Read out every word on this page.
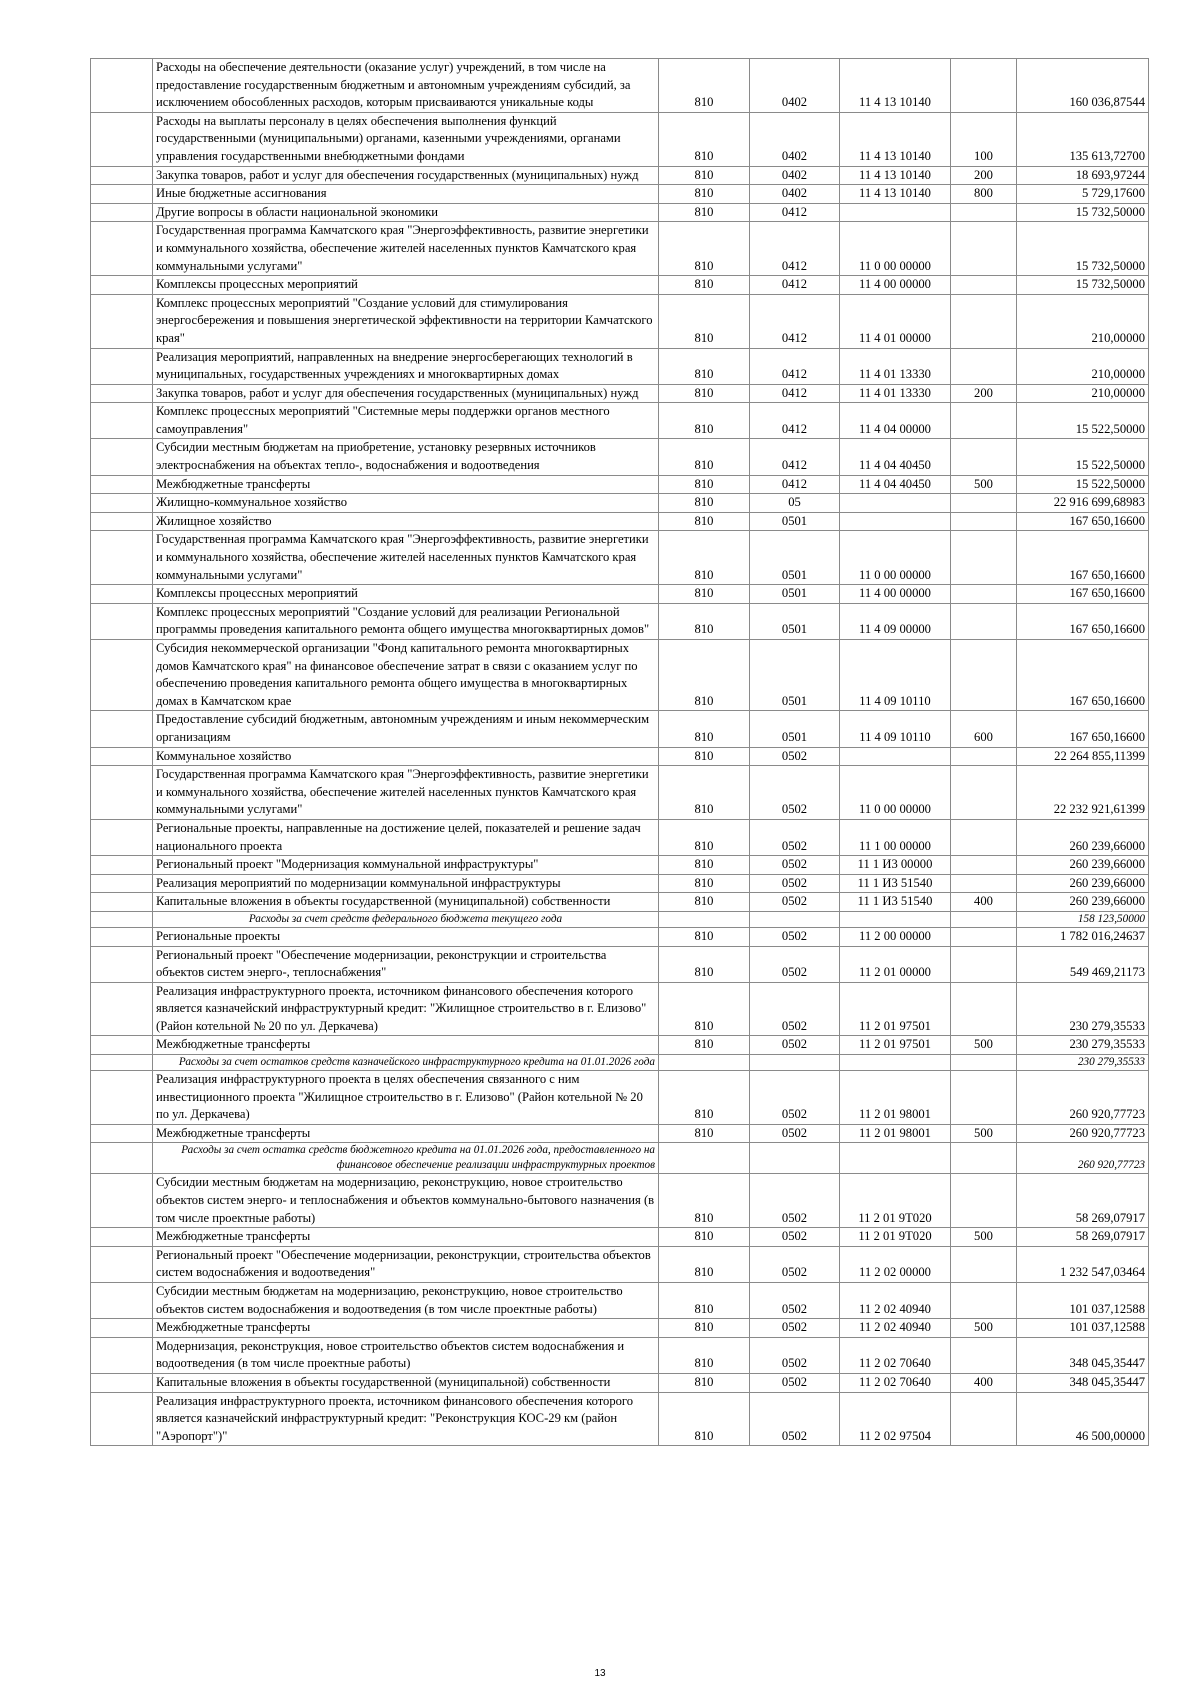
	Расходы на обеспечение деятельности (оказание услуг) учреждений, в том числе на предоставление государственным бюджетным и автономным учреждениям субсидий, за исключением обособленных расходов, которым присваиваются уникальные коды	810	0402	11 4 13 10140		160 036,87544
	Расходы на выплаты персоналу в целях обеспечения выполнения функций государственными (муниципальными) органами, казенными учреждениями, органами управления государственными внебюджетными фондами	810	0402	11 4 13 10140	100	135 613,72700
	Закупка товаров, работ и услуг для обеспечения государственных (муниципальных) нужд	810	0402	11 4 13 10140	200	18 693,97244
	Иные бюджетные ассигнования	810	0402	11 4 13 10140	800	5 729,17600
	Другие вопросы в области национальной экономики	810	0412			15 732,50000
	Государственная программа Камчатского края "Энергоэффективность, развитие энергетики и коммунального хозяйства, обеспечение жителей населенных пунктов Камчатского края коммунальными услугами"	810	0412	11 0 00 00000		15 732,50000
	Комплексы процессных мероприятий	810	0412	11 4 00 00000		15 732,50000
	Комплекс процессных мероприятий "Создание условий для стимулирования энергосбережения и повышения энергетической эффективности на территории Камчатского края"	810	0412	11 4 01 00000		210,00000
	Реализация мероприятий, направленных на внедрение энергосберегающих технологий в муниципальных, государственных учреждениях и многоквартирных домах	810	0412	11 4 01 13330		210,00000
	Закупка товаров, работ и услуг для обеспечения государственных (муниципальных) нужд	810	0412	11 4 01 13330	200	210,00000
	Комплекс процессных мероприятий "Системные меры поддержки органов местного самоуправления"	810	0412	11 4 04 00000		15 522,50000
	Субсидии местным бюджетам на приобретение, установку резервных источников электроснабжения на объектах тепло-, водоснабжения и водоотведения	810	0412	11 4 04 40450		15 522,50000
	Межбюджетные трансферты	810	0412	11 4 04 40450	500	15 522,50000
	Жилищно-коммунальное хозяйство	810	05			22 916 699,68983
	Жилищное хозяйство	810	0501			167 650,16600
	Государственная программа Камчатского края "Энергоэффективность, развитие энергетики и коммунального хозяйства, обеспечение жителей населенных пунктов Камчатского края коммунальными услугами"	810	0501	11 0 00 00000		167 650,16600
	Комплексы процессных мероприятий	810	0501	11 4 00 00000		167 650,16600
	Комплекс процессных мероприятий "Создание условий для реализации Региональной программы проведения капитального ремонта общего имущества многоквартирных домов"	810	0501	11 4 09 00000		167 650,16600
	Субсидия некоммерческой организации "Фонд капитального ремонта многоквартирных домов Камчатского края" на финансовое обеспечение затрат в связи с оказанием услуг по обеспечению проведения капитального ремонта общего имущества в многоквартирных домах в Камчатском крае	810	0501	11 4 09 10110		167 650,16600
	Предоставление субсидий бюджетным, автономным учреждениям и иным некоммерческим организациям	810	0501	11 4 09 10110	600	167 650,16600
	Коммунальное хозяйство	810	0502			22 264 855,11399
	Государственная программа Камчатского края "Энергоэффективность, развитие энергетики и коммунального хозяйства, обеспечение жителей населенных пунктов Камчатского края коммунальными услугами"	810	0502	11 0 00 00000		22 232 921,61399
	Региональные проекты, направленные на достижение целей, показателей и решение задач национального проекта	810	0502	11 1 00 00000		260 239,66000
	Региональный проект "Модернизация коммунальной инфраструктуры"	810	0502	11 1 И3 00000		260 239,66000
	Реализация мероприятий по модернизации коммунальной инфраструктуры	810	0502	11 1 И3 51540		260 239,66000
	Капитальные вложения в объекты государственной (муниципальной) собственности	810	0502	11 1 И3 51540	400	260 239,66000
	Расходы за счет средств федерального бюджета текущего года					158 123,50000
	Региональные проекты	810	0502	11 2 00 00000		1 782 016,24637
	Региональный проект "Обеспечение модернизации, реконструкции и строительства объектов систем энерго-, теплоснабжения"	810	0502	11 2 01 00000		549 469,21173
	Реализация инфраструктурного проекта, источником финансового обеспечения которого является казначейский инфраструктурный кредит: "Жилищное строительство в г. Елизово" (Район котельной № 20 по ул. Деркачева)	810	0502	11 2 01 97501		230 279,35533
	Межбюджетные трансферты	810	0502	11 2 01 97501	500	230 279,35533
	Расходы за счет остатков средств казначейского инфраструктурного кредита на 01.01.2026 года					230 279,35533
	Реализация инфраструктурного проекта в целях обеспечения связанного с ним инвестиционного проекта "Жилищное строительство в г. Елизово" (Район котельной № 20 по ул. Деркачева)	810	0502	11 2 01 98001		260 920,77723
	Межбюджетные трансферты	810	0502	11 2 01 98001	500	260 920,77723
	Расходы за счет остатка средств бюджетного кредита на 01.01.2026 года, предоставленного на финансовое обеспечение реализации инфраструктурных проектов					260 920,77723
	Субсидии местным бюджетам на модернизацию, реконструкцию, новое строительство объектов систем энерго- и теплоснабжения и объектов коммунально-бытового назначения (в том числе проектные работы)	810	0502	11 2 01 9Т020		58 269,07917
	Межбюджетные трансферты	810	0502	11 2 01 9Т020	500	58 269,07917
	Региональный проект "Обеспечение модернизации, реконструкции, строительства объектов систем водоснабжения и водоотведения"	810	0502	11 2 02 00000		1 232 547,03464
	Субсидии местным бюджетам на модернизацию, реконструкцию, новое строительство объектов систем водоснабжения и водоотведения (в том числе проектные работы)	810	0502	11 2 02 40940		101 037,12588
	Межбюджетные трансферты	810	0502	11 2 02 40940	500	101 037,12588
	Модернизация, реконструкция, новое строительство объектов систем водоснабжения и водоотведения (в том числе проектные работы)	810	0502	11 2 02 70640		348 045,35447
	Капитальные вложения в объекты государственной (муниципальной) собственности	810	0502	11 2 02 70640	400	348 045,35447
	Реализация инфраструктурного проекта, источником финансового обеспечения которого является казначейский инфраструктурный кредит: "Реконструкция КОС-29 км (район "Аэропорт")"	810	0502	11 2 02 97504		46 500,00000
13
